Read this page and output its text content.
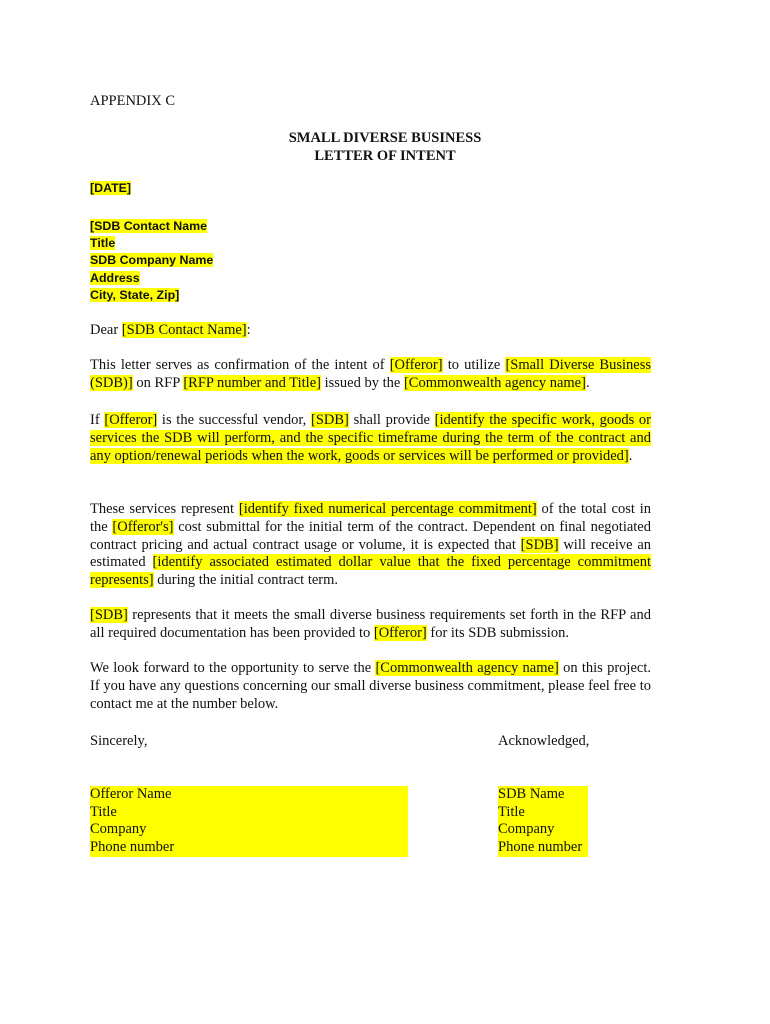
APPENDIX C
SMALL DIVERSE BUSINESS
LETTER OF INTENT
[DATE]
[SDB Contact Name
Title
SDB Company Name
Address
City, State, Zip]
Dear [SDB Contact Name]:
This letter serves as confirmation of the intent of [Offeror] to utilize [Small Diverse Business (SDB)] on RFP [RFP number and Title] issued by the [Commonwealth agency name].
If [Offeror] is the successful vendor, [SDB] shall provide [identify the specific work, goods or services the SDB will perform, and the specific timeframe during the term of the contract and any option/renewal periods when the work, goods or services will be performed or provided].
These services represent [identify fixed numerical percentage commitment] of the total cost in the [Offeror's] cost submittal for the initial term of the contract. Dependent on final negotiated contract pricing and actual contract usage or volume, it is expected that [SDB] will receive an estimated [identify associated estimated dollar value that the fixed percentage commitment represents] during the initial contract term.
[SDB] represents that it meets the small diverse business requirements set forth in the RFP and all required documentation has been provided to [Offeror] for its SDB submission.
We look forward to the opportunity to serve the [Commonwealth agency name] on this project. If you have any questions concerning our small diverse business commitment, please feel free to contact me at the number below.
Sincerely,	Acknowledged,
Offeror Name
Title
Company
Phone number
SDB Name
Title
Company
Phone number
